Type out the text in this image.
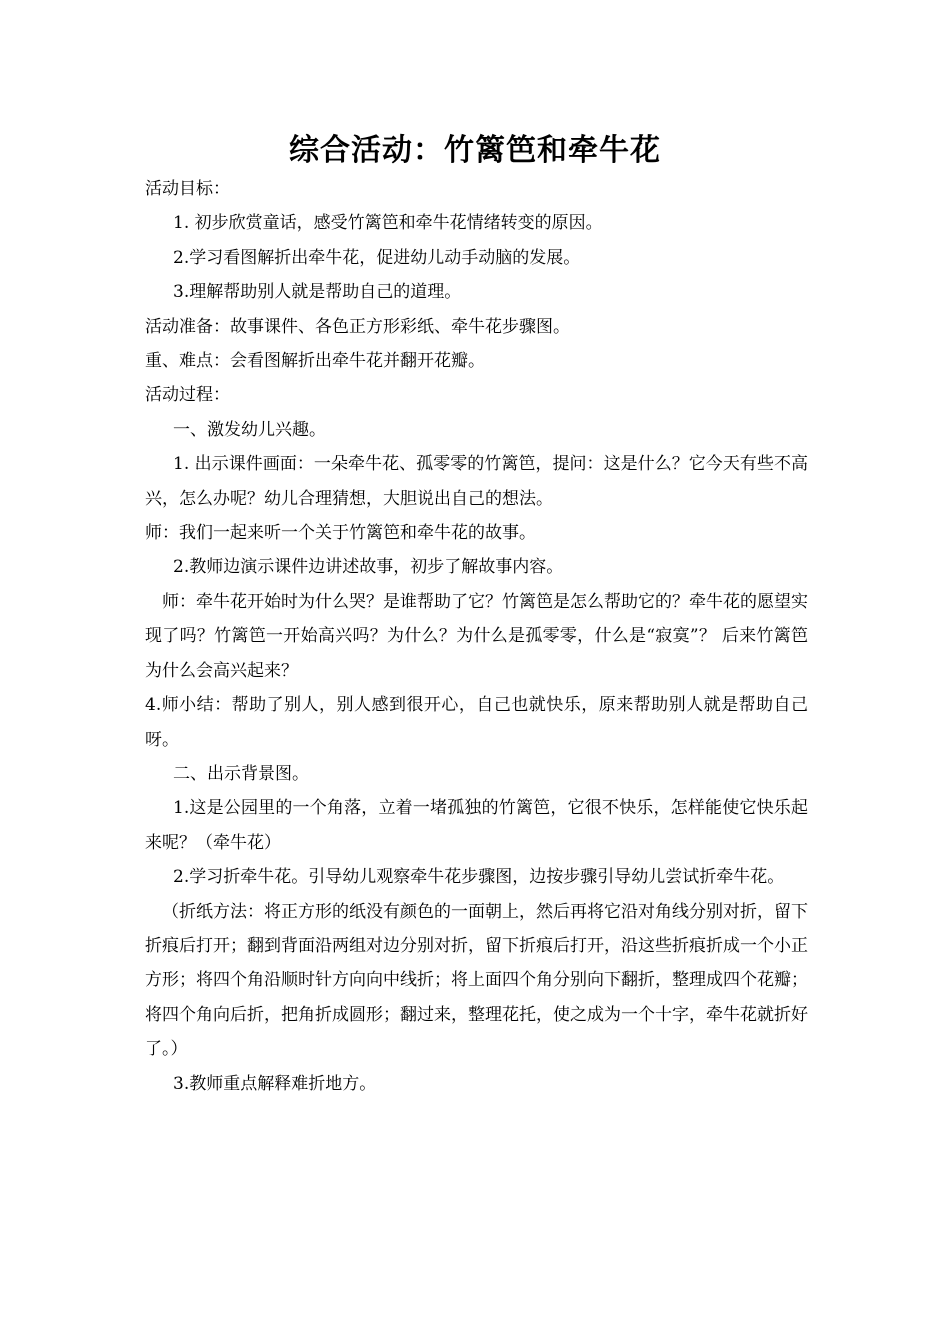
综合活动：竹篱笆和牵牛花

活动目标：

1. 初步欣赏童话，感受竹篱笆和牵牛花情绪转变的原因。

2.学习看图解折出牵牛花，促进幼儿动手动脑的发展。

3.理解帮助别人就是帮助自己的道理。

活动准备：故事课件、各色正方形彩纸、牵牛花步骤图。

重、难点：会看图解折出牵牛花并翻开花瓣。

活动过程：

一、激发幼儿兴趣。

1. 出示课件画面：一朵牵牛花、孤零零的竹篱笆，提问：这是什么？它今天有些不高兴，怎么办呢？幼儿合理猜想，大胆说出自己的想法。

师：我们一起来听一个关于竹篱笆和牵牛花的故事。

2.教师边演示课件边讲述故事，初步了解故事内容。

师：牵牛花开始时为什么哭？是谁帮助了它？竹篱笆是怎么帮助它的？牵牛花的愿望实现了吗？竹篱笆一开始高兴吗？为什么？为什么是孤零零，什么是“寂寞”？ 后来竹篱笆为什么会高兴起来？

4.师小结：帮助了别人，别人感到很开心，自己也就快乐，原来帮助别人就是帮助自己呀。

二、出示背景图。

1.这是公园里的一个角落，立着一堵孤独的竹篱笆，它很不快乐，怎样能使它快乐起来呢？（牵牛花）

2.学习折牵牛花。引导幼儿观察牵牛花步骤图，边按步骤引导幼儿尝试折牵牛花。

（折纸方法：将正方形的纸没有颜色的一面朝上，然后再将它沿对角线分别对折，留下折痕后打开；翻到背面沿两组对边分别对折，留下折痕后打开，沿这些折痕折成一个小正方形；将四个角沿顺时针方向向中线折；将上面四个角分别向下翻折，整理成四个花瓣；将四个角向后折，把角折成圆形；翻过来，整理花托，使之成为一个十字，牵牛花就折好了。）

3.教师重点解释难折地方。
